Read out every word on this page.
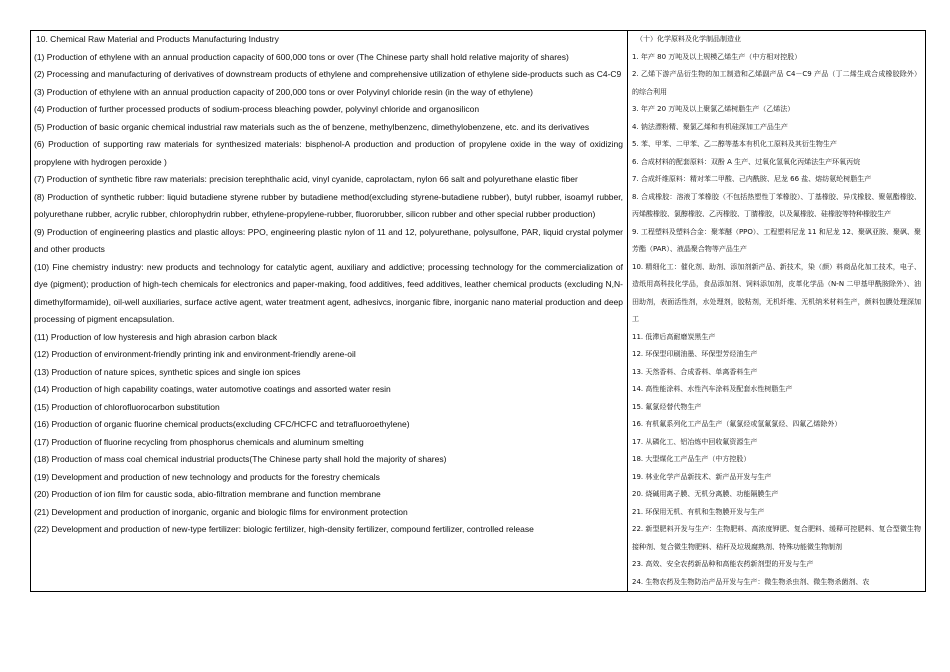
10. Chemical Raw Material and Products Manufacturing Industry
(1) Production of ethylene with an annual production capacity of 600,000 tons or over (The Chinese party shall hold relative majority of shares)
(2) Processing and manufacturing of derivatives of downstream products of ethylene and comprehensive utilization of ethylene side-products such as C4-C9
(3) Production of ethylene with an annual production capacity of 200,000 tons or over Polyvinyl chloride resin (in the way of ethylene)
(4) Production of further processed products of sodium-process bleaching powder, polyvinyl chloride and organosilicon
(5) Production of basic organic chemical industrial raw materials such as the of benzene, methylbenzenc, dimethylobenzene, etc. and its derivatives
(6) Production of supporting raw materials for synthesized materials: bisphenol-A production and production of propylene oxide in the way of oxidizing propylene with hydrogen peroxide )
(7) Production of synthetic fibre raw materials: precision terephthalic acid, vinyl cyanide, caprolactam, nylon 66 salt and polyurethane elastic fiber
(8) Production of synthetic rubber: liquid butadiene styrene rubber by butadiene method(excluding styrene-butadiene rubber), butyl rubber, isoamyl rubber, polyurethane rubber, acrylic rubber, chlorophydrin rubber, ethylene-propylene-rubber, fluororubber, silicon rubber and other special rubber production)
(9) Production of engineering plastics and plastic alloys: PPO, engineering plastic nylon of 11 and 12, polyurethane, polysulfone, PAR, liquid crystal polymer and other products
(10) Fine chemistry industry: new products and technology for catalytic agent, auxiliary and addictive; processing technology for the commercialization of dye (pigment); production of high-tech chemicals for electronics and paper-making, food additives, feed additives, leather chemical products (excluding N,N-dimethylformamide), oil-well auxiliaries, surface active agent, water treatment agent, adhesivcs, inorganic fibre, inorganic nano material production and deep processing of pigment encapsulation.
(11) Production of low hysteresis and high abrasion carbon black
(12) Production of environment-friendly printing ink and environment-friendly arene-oil
(13) Production of nature spices, synthetic spices and single ion spices
(14) Production of high capability coatings, water automotive coatings and assorted water resin
(15) Production of chlorofluorocarbon substitution
(16) Production of organic fluorine chemical products(excluding CFC/HCFC and tetrafluoroethylene)
(17) Production of fluorine recycling from phosphorus chemicals and aluminum smelting
(18) Production of mass coal chemical industrial products(The Chinese party shall hold the majority of shares)
(19) Development and production of new technology and products for the forestry chemicals
(20) Production of ion film for caustic soda, abio-filtration membrane and function membrane
(21) Development and production of inorganic, organic and biologic films for environment protection
(22) Development and production of new-type fertilizer: biologic fertilizer, high-density fertilizer, compound fertilizer, controlled release
（十）化学原料及化学制品制造业
1. 年产 80 万吨及以上规模乙烯生产（中方相对控股）
2. 乙烯下游产品衍生物的加工制造和乙烯副产品 C4－C9 产品（丁二烯生成合成橡胶除外）的综合利用
3. 年产 20 万吨及以上聚氯乙烯树脂生产（乙烯法）
4. 钠法漂粉精、聚氯乙烯和有机硅深加工产品生产
5. 苯、甲苯、二甲苯、乙二醇等基本有机化工原料及其衍生物生产
6. 合成材料的配套原料：双酚 A 生产、过氧化氢氧化丙烯法生产环氧丙烷
7. 合成纤维原料：精对苯二甲酸、己内酰胺、尼龙 66 盐、熔纺氨纶树脂生产
8. 合成橡胶：溶液丁苯橡胶（不包括热塑性丁苯橡胶）、丁基橡胶、异戊橡胶、聚氨酯橡胶、丙烯酸橡胶、氯醇橡胶、乙丙橡胶、丁腈橡胶，以及氟橡胶、硅橡胶等特种橡胶生产
9. 工程塑料及塑料合金：聚苯醚（PPO）、工程塑料尼龙 11 和尼龙 12、聚砜亚胺、聚砜、聚芳酯（PAR）、液晶聚合物等产品生产
10. 精细化工：催化剂、助剂、添加剂新产品、新技术，染（颜）料商品化加工技术，电子、造纸用高科技化学品，食品添加剂、饲料添加剂，皮革化学品（N-N 二甲基甲酰胺除外）、油田助剂，表面活性剂，水处理剂，胶粘剂，无机纤维、无机纳米材料生产，颜料包膜处理深加工
11. 低滞后高耐磨炭黑生产
12. 环保型印刷油墨、环保型芳烃油生产
13. 天然香料、合成香料、单离香料生产
14. 高性能涂料、水性汽车涂料及配套水性树脂生产
15. 氟氯烃替代物生产
16. 有机氟系列化工产品生产（氟氯烃或氢氟氯烃、四氟乙烯除外）
17. 从磷化工、铝冶炼中回收氟资源生产
18. 大型煤化工产品生产（中方控股）
19. 林业化学产品新技术、新产品开发与生产
20. 烧碱用离子膜、无机分离膜、功能隔膜生产
21. 环保用无机、有机和生物膜开发与生产
22. 新型肥料开发与生产：生物肥料、高浓度钾肥、复合肥料、缓释可控肥料、复合型微生物接种剂、复合微生物肥料、秸秆及垃圾腐熟剂、特殊功能微生物制剂
23. 高效、安全农药新品种和高能农药新剂型的开发与生产
24. 生物农药及生物防治产品开发与生产：微生物杀虫剂、微生物杀菌剂、农
